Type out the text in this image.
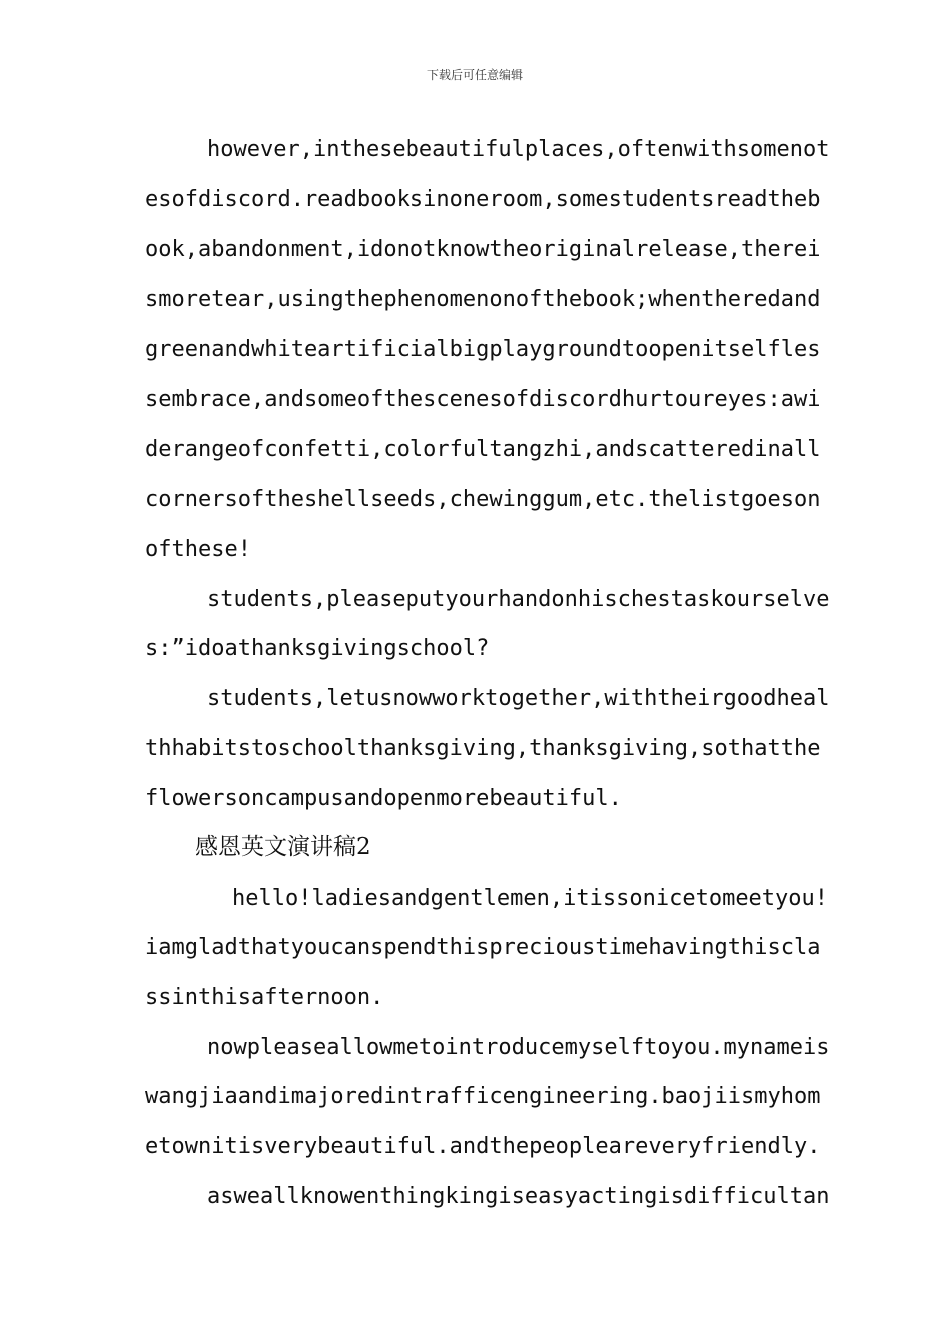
下载后可任意编辑
however,inthesebeautifulplaces,oftenwithsomenot
esofdiscord.readbooksinoneroom,somestudentsreadtheb
ook,abandonment,idonotknowtheoriginalrelease,therei
smoretear,usingthephenomenonofthebook;whentheredand
greenandwhiteartificialbigplaygroundtoopenitselfles
sembrace,andsomeofthescenesofdiscordhurtoureyes:awi
derangeofconfetti,colorfultangzhi,andscatteredinall
cornersoftheshellseeds,chewinggum,etc.thelistgoeson
ofthese!
students,pleaseputyourhandonhischestaskourselve
s:”idoathanksgivingschool?
students,letusnowworktogether,withtheirgoodheal
thhabitstoschoolthanksgiving,thanksgiving,sothatthe
flowersoncampusandopenmorebeautiful.
感恩英文演讲稿2
hello!ladiesandgentlemen,itissonicetomeetyou!
iamgladthatyoucanspendthisprecioustimehavingthiscla
ssinthisafternoon.
nowpleaseallowmetointroducemyselftoyou.mynameis
wangjiaandimajoredintrafficengineering.baojiismyhom
etownitisverybeautiful.andthepeopleareveryfriendly.
asweallknowenthingkingiseasyactingisdifficultan
